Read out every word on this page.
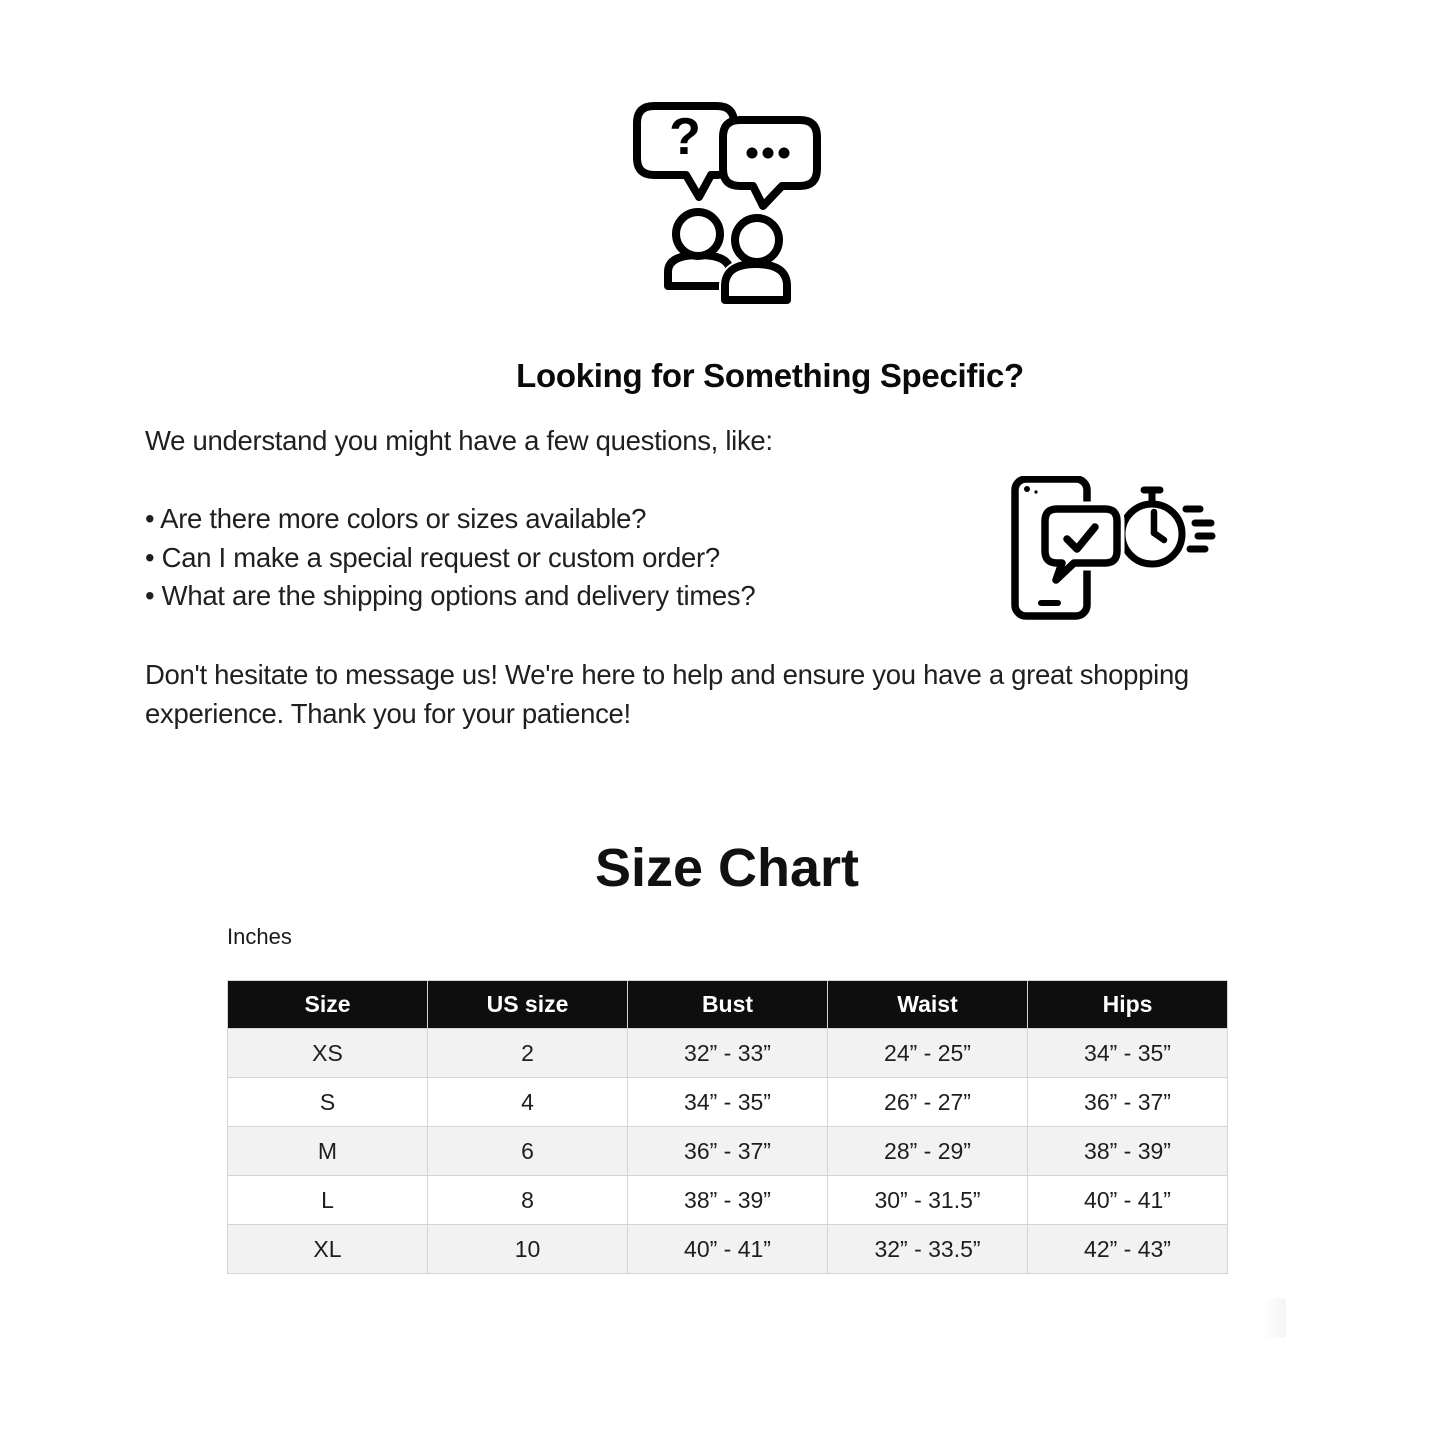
?
Looking for Something Specific?

We understand you might have a few questions, like:

• Are there more colors or sizes available?
• Can I make a special request or custom order?
• What are the shipping options and delivery times?
Don't hesitate to message us! We're here to help and ensure you have a great shopping
experience. Thank you for your patience!
Size Chart
Inches
Size	US size	Bust	Waist	Hips
XS	2	32” - 33”	24” - 25”	34” - 35”
S	4	34” - 35”	26” - 27”	36” - 37”
M	6	36” - 37”	28” - 29”	38” - 39”
L	8	38” - 39”	30” - 31.5”	40” - 41”
XL	10	40” - 41”	32” - 33.5”	42” - 43”
